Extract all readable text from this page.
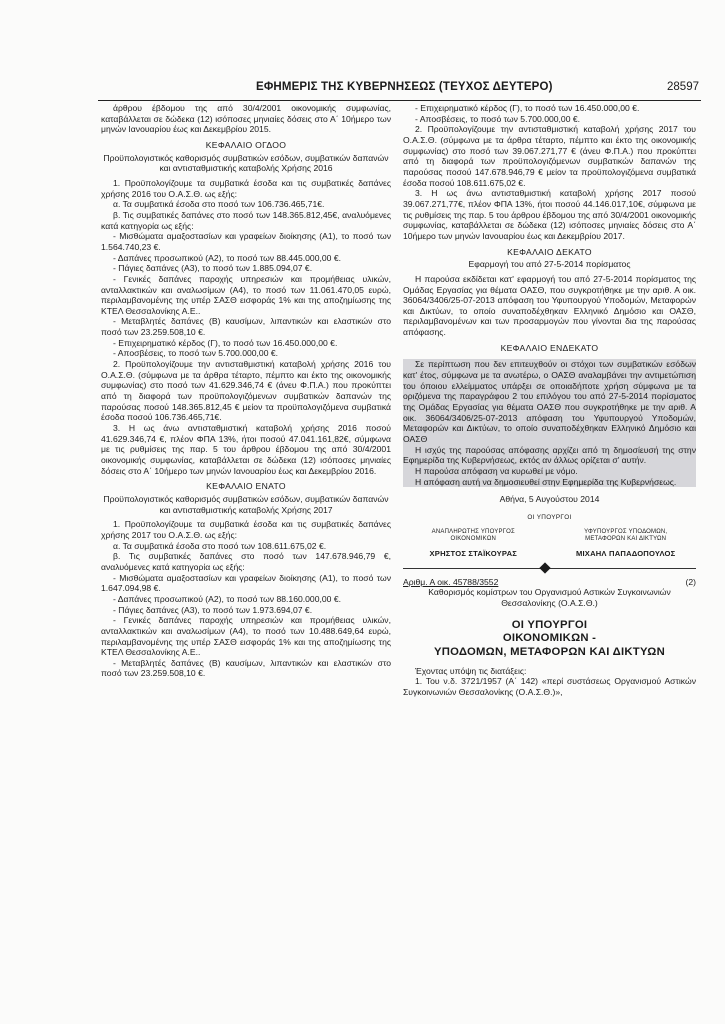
ΕΦΗΜΕΡΙΣ ΤΗΣ ΚΥΒΕΡΝΗΣΕΩΣ (ΤΕΥΧΟΣ ΔΕΥΤΕΡΟ)	28597

άρθρου έβδομου της από 30/4/2001 οικονομικής συμφωνίας, καταβάλλεται σε δώδεκα (12) ισόποσες μηνιαίες δόσεις στο Α΄ 10ήμερο των μηνών Ιανουαρίου έως και Δεκεμβρίου 2015.

ΚΕΦΑΛΑΙΟ ΟΓΔΟΟ

Προϋπολογιστικός καθορισμός συμβατικών εσόδων, συμβατικών δαπανών και αντισταθμιστικής καταβολής Χρήσης 2016

1. Προϋπολογίζουμε τα συμβατικά έσοδα και τις συμβατικές δαπάνες χρήσης 2016 του Ο.Α.Σ.Θ. ως εξής:

α. Τα συμβατικά έσοδα στο ποσό των 106.736.465,71€.

β. Τις συμβατικές δαπάνες στο ποσό των 148.365.812,45€, αναλυόμενες κατά κατηγορία ως εξής:

- Μισθώματα αμαξοστασίων και γραφείων διοίκησης (Α1), το ποσό των 1.564.740,23 €.

- Δαπάνες προσωπικού (Α2), το ποσό των 88.445.000,00 €.

- Πάγιες δαπάνες (Α3), το ποσό των 1.885.094,07 €.

- Γενικές δαπάνες παροχής υπηρεσιών και προμήθειας υλικών, ανταλλακτικών και αναλωσίμων (Α4), το ποσό των 11.061.470,05 ευρώ, περιλαμβανομένης της υπέρ ΣΑΣΘ εισφοράς 1% και της αποζημίωσης της ΚΤΕΛ Θεσσαλονίκης Α.Ε..

- Μεταβλητές δαπάνες (Β) καυσίμων, λιπαντικών και ελαστικών στο ποσό των 23.259.508,10 €.

- Επιχειρηματικό κέρδος (Γ), το ποσό των 16.450.000,00 €.

- Αποσβέσεις, το ποσό των 5.700.000,00 €.

2. Προϋπολογίζουμε την αντισταθμιστική καταβολή χρήσης 2016 του Ο.Α.Σ.Θ. (σύμφωνα με τα άρθρα τέταρτο, πέμπτο και έκτο της οικονομικής συμφωνίας) στο ποσό των 41.629.346,74 € (άνευ Φ.Π.Α.) που προκύπτει από τη διαφορά των προϋπολογιζόμενων συμβατικών δαπανών της παρούσας ποσού 148.365.812,45 € μείον τα προϋπολογιζόμενα συμβατικά έσοδα ποσού 106.736.465,71€.

3. Η ως άνω αντισταθμιστική καταβολή χρήσης 2016 ποσού 41.629.346,74 €, πλέον ΦΠΑ 13%, ήτοι ποσού 47.041.161,82€, σύμφωνα με τις ρυθμίσεις της παρ. 5 του άρθρου έβδομου της από 30/4/2001 οικονομικής συμφωνίας, καταβάλλεται σε δώδεκα (12) ισόποσες μηνιαίες δόσεις στο Α΄ 10ήμερο των μηνών Ιανουαρίου έως και Δεκεμβρίου 2016.

ΚΕΦΑΛΑΙΟ ΕΝΑΤΟ

Προϋπολογιστικός καθορισμός συμβατικών εσόδων, συμβατικών δαπανών και αντισταθμιστικής καταβολής Χρήσης 2017

1. Προϋπολογίζουμε τα συμβατικά έσοδα και τις συμβατικές δαπάνες χρήσης 2017 του Ο.Α.Σ.Θ. ως εξής:

α. Τα συμβατικά έσοδα στο ποσό των 108.611.675,02 €.

β. Τις συμβατικές δαπάνες στο ποσό των 147.678.946,79 €, αναλυόμενες κατά κατηγορία ως εξής:

- Μισθώματα αμαξοστασίων και γραφείων διοίκησης (Α1), το ποσό των 1.647.094,98 €.

- Δαπάνες προσωπικού (Α2), το ποσό των 88.160.000,00 €.

- Πάγιες δαπάνες (Α3), το ποσό των 1.973.694,07 €.

- Γενικές δαπάνες παροχής υπηρεσιών και προμήθειας υλικών, ανταλλακτικών και αναλωσίμων (Α4), το ποσό των 10.488.649,64 ευρώ, περιλαμβανομένης της υπέρ ΣΑΣΘ εισφοράς 1% και της αποζημίωσης της ΚΤΕΛ Θεσσαλονίκης Α.Ε..

- Μεταβλητές δαπάνες (Β) καυσίμων, λιπαντικών και ελαστικών στο ποσό των 23.259.508,10 €.

- Επιχειρηματικό κέρδος (Γ), το ποσό των 16.450.000,00 €.

- Αποσβέσεις, το ποσό των 5.700.000,00 €.

2. Προϋπολογίζουμε την αντισταθμιστική καταβολή χρήσης 2017 του Ο.Α.Σ.Θ. (σύμφωνα με τα άρθρα τέταρτο, πέμπτο και έκτο της οικονομικής συμφωνίας) στο ποσό των 39.067.271,77 € (άνευ Φ.Π.Α.) που προκύπτει από τη διαφορά των προϋπολογιζόμενων συμβατικών δαπανών της παρούσας ποσού 147.678.946,79 € μείον τα προϋπολογιζόμενα συμβατικά έσοδα ποσού 108.611.675,02 €.

3. Η ως άνω αντισταθμιστική καταβολή χρήσης 2017 ποσού 39.067.271,77€, πλέον ΦΠΑ 13%, ήτοι ποσού 44.146.017,10€, σύμφωνα με τις ρυθμίσεις της παρ. 5 του άρθρου έβδομου της από 30/4/2001 οικονομικής συμφωνίας, καταβάλλεται σε δώδεκα (12) ισόποσες μηνιαίες δόσεις στο Α΄ 10ήμερο των μηνών Ιανουαρίου έως και Δεκεμβρίου 2017.

ΚΕΦΑΛΑΙΟ ΔΕΚΑΤΟ

Εφαρμογή του από 27-5-2014 πορίσματος

Η παρούσα εκδίδεται κατ' εφαρμογή του από 27-5-2014 πορίσματος της Ομάδας Εργασίας για θέματα ΟΑΣΘ, που συγκροτήθηκε με την αριθ. Α οικ. 36064/3406/25-07-2013 απόφαση του Υφυπουργού Υποδομών, Μεταφορών και Δικτύων, το οποίο συναποδέχθηκαν Ελληνικό Δημόσιο και ΟΑΣΘ, περιλαμβανομένων και των προσαρμογών που γίνονται δια της παρούσας απόφασης.

ΚΕΦΑΛΑΙΟ ΕΝΔΕΚΑΤΟ

Σε περίπτωση που δεν επιτευχθούν οι στόχοι των συμβατικών εσόδων κατ' έτος, σύμφωνα με τα ανωτέρω, ο ΟΑΣΘ αναλαμβάνει την αντιμετώπιση του όποιου ελλείμματος υπάρξει σε οποιαδήποτε χρήση σύμφωνα με τα οριζόμενα της παραγράφου 2 του επιλόγου του από 27-5-2014 πορίσματος της Ομάδας Εργασίας για θέματα ΟΑΣΘ που συγκροτήθηκε με την αριθ. Α οικ. 36064/3406/25-07-2013 απόφαση του Υφυπουργού Υποδομών, Μεταφορών και Δικτύων, το οποίο συναποδέχθηκαν Ελληνικό Δημόσιο και ΟΑΣΘ

Η ισχύς της παρούσας απόφασης αρχίζει από τη δημοσίευσή της στην Εφημερίδα της Κυβερνήσεως, εκτός αν άλλως ορίζεται σ' αυτήν.

Η παρούσα απόφαση να κυρωθεί με νόμο.

Η απόφαση αυτή να δημοσιευθεί στην Εφημερίδα της Κυβερνήσεως.

Αθήνα, 5 Αυγούστου 2014

ΟΙ ΥΠΟΥΡΓΟΙ

ΑΝΑΠΛΗΡΩΤΗΣ ΥΠΟΥΡΓΟΣ
ΟΙΚΟΝΟΜΙΚΩΝ
ΧΡΗΣΤΟΣ ΣΤΑΪΚΟΥΡΑΣ
ΥΦΥΠΟΥΡΓΟΣ ΥΠΟΔΟΜΩΝ,
ΜΕΤΑΦΟΡΩΝ ΚΑΙ ΔΙΚΤΥΩΝ
ΜΙΧΑΗΛ ΠΑΠΑΔΟΠΟΥΛΟΣ

Αριθμ. Α οικ. 45788/3552	(2)

Καθορισμός κομίστρων του Οργανισμού Αστικών Συγκοινωνιών Θεσσαλονίκης (Ο.Α.Σ.Θ.)

ΟΙ ΥΠΟΥΡΓΟΙ

ΟΙΚΟΝΟΜΙΚΩΝ -

ΥΠΟΔΟΜΩΝ, ΜΕΤΑΦΟΡΩΝ ΚΑΙ ΔΙΚΤΥΩΝ

Έχοντας υπόψη τις διατάξεις:

1. Του ν.δ. 3721/1957 (Α΄ 142) «περί συστάσεως Οργανισμού Αστικών Συγκοινωνιών Θεσσαλονίκης (Ο.Α.Σ.Θ.)»,
